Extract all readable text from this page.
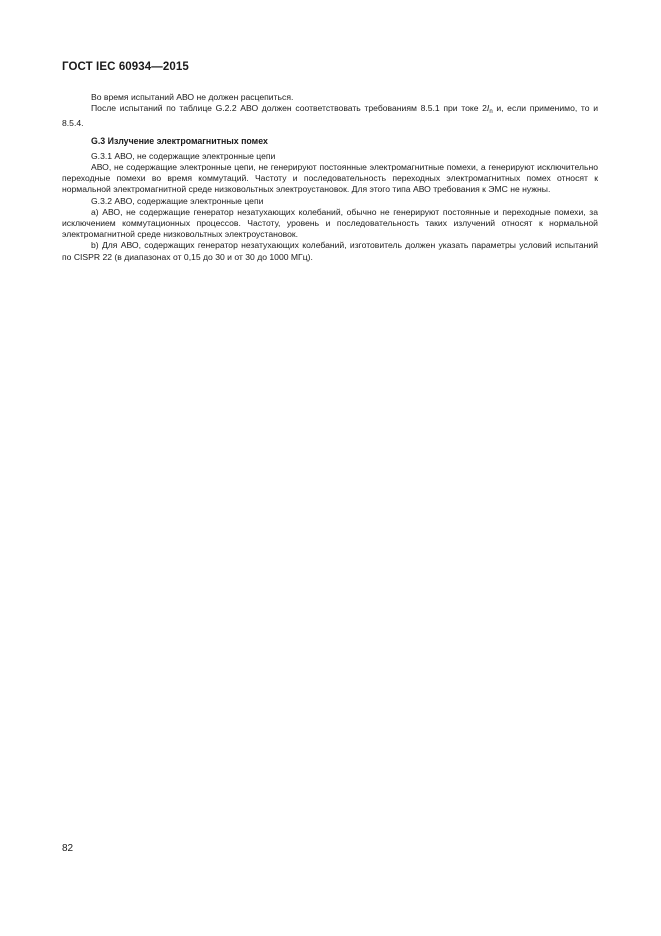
ГОСТ IEC 60934—2015

Во время испытаний АВО не должен расцепиться.

После испытаний по таблице G.2.2 АВО должен соответствовать требованиям 8.5.1 при токе $2I_n$ и, если применимо, то и 8.5.4.

G.3 Излучение электромагнитных помех

G.3.1 АВО, не содержащие электронные цепи

АВО, не содержащие электронные цепи, не генерируют постоянные электромагнитные помехи, а генерируют исключительно переходные помехи во время коммутаций. Частоту и последовательность переходных электромагнитных помех относят к нормальной электромагнитной среде низковольтных электроустановок. Для этого типа АВО требования к ЭМС не нужны.

G.3.2 АВО, содержащие электронные цепи

a) АВО, не содержащие генератор незатухающих колебаний, обычно не генерируют постоянные и переходные помехи, за исключением коммутационных процессов. Частоту, уровень и последовательность таких излучений относят к нормальной электромагнитной среде низковольтных электроустановок.

b) Для АВО, содержащих генератор незатухающих колебаний, изготовитель должен указать параметры условий испытаний по CISPR 22 (в диапазонах от 0,15 до 30 и от 30 до 1000 МГц).

82
